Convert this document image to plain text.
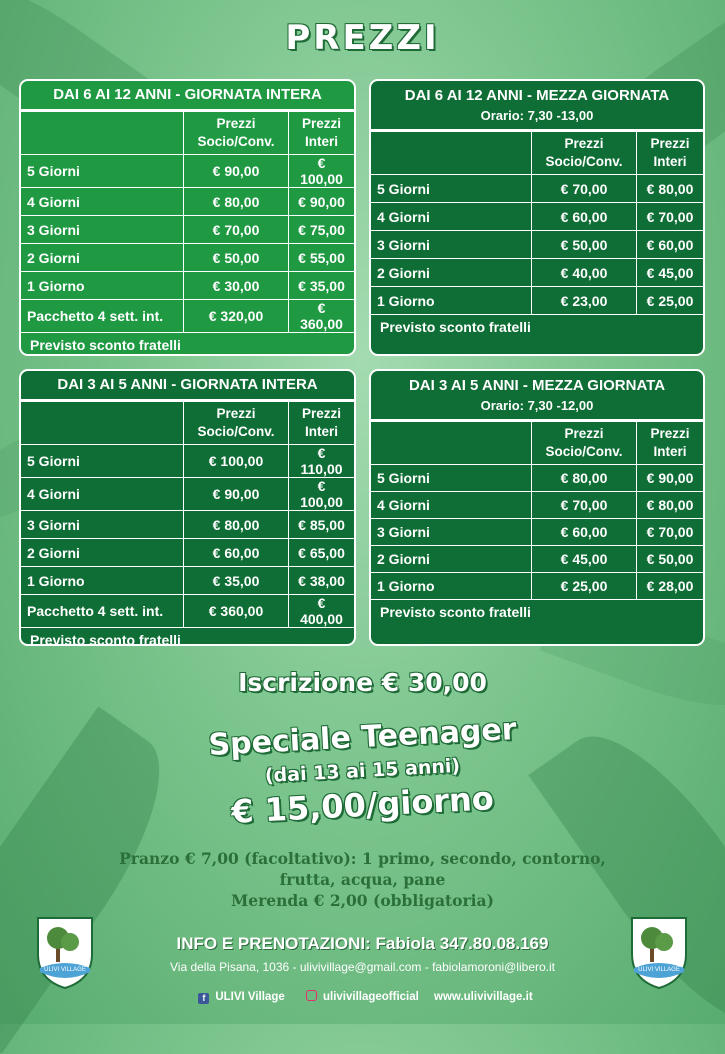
PREZZI
DAI 6 AI 12 ANNI - GIORNATA INTERA
	Prezzi Socio/Conv.	Prezzi Interi
5 Giorni	€ 90,00	€ 100,00
4 Giorni	€ 80,00	€ 90,00
3 Giorni	€ 70,00	€ 75,00
2 Giorni	€ 50,00	€ 55,00
1 Giorno	€ 30,00	€ 35,00
Pacchetto 4 sett. int.	€ 320,00	€ 360,00
Previsto sconto fratelli
DAI 6 AI 12 ANNI - MEZZA GIORNATA
Orario: 7,30 -13,00
	Prezzi Socio/Conv.	Prezzi Interi
5 Giorni	€ 70,00	€ 80,00
4 Giorni	€ 60,00	€ 70,00
3 Giorni	€ 50,00	€ 60,00
2 Giorni	€ 40,00	€ 45,00
1 Giorno	€ 23,00	€ 25,00
Previsto sconto fratelli
DAI 3 AI 5 ANNI - GIORNATA INTERA
	Prezzi Socio/Conv.	Prezzi Interi
5 Giorni	€ 100,00	€ 110,00
4 Giorni	€ 90,00	€ 100,00
3 Giorni	€ 80,00	€ 85,00
2 Giorni	€ 60,00	€ 65,00
1 Giorno	€ 35,00	€ 38,00
Pacchetto 4 sett. int.	€ 360,00	€ 400,00
Previsto sconto fratelli
DAI 3 AI 5 ANNI - MEZZA GIORNATA
Orario: 7,30 -12,00
	Prezzi Socio/Conv.	Prezzi Interi
5 Giorni	€ 80,00	€ 90,00
4 Giorni	€ 70,00	€ 80,00
3 Giorni	€ 60,00	€ 70,00
2 Giorni	€ 45,00	€ 50,00
1 Giorno	€ 25,00	€ 28,00
Previsto sconto fratelli
Iscrizione € 30,00
Speciale Teenager
(dai 13 ai 15 anni)
€ 15,00/giorno
Pranzo € 7,00 (facoltativo): 1 primo, secondo, contorno,
frutta, acqua, pane
Merenda € 2,00 (obbligatoria)
INFO E PRENOTAZIONI: Fabiola 347.80.08.169
Via della Pisana, 1036 - ulivivillage@gmail.com - fabiolamoroni@libero.it
f ULIVI Village	ulivivillageofficial www.ulivivillage.it
ULIVI VILLAGE	ULIVI VILLAGE
